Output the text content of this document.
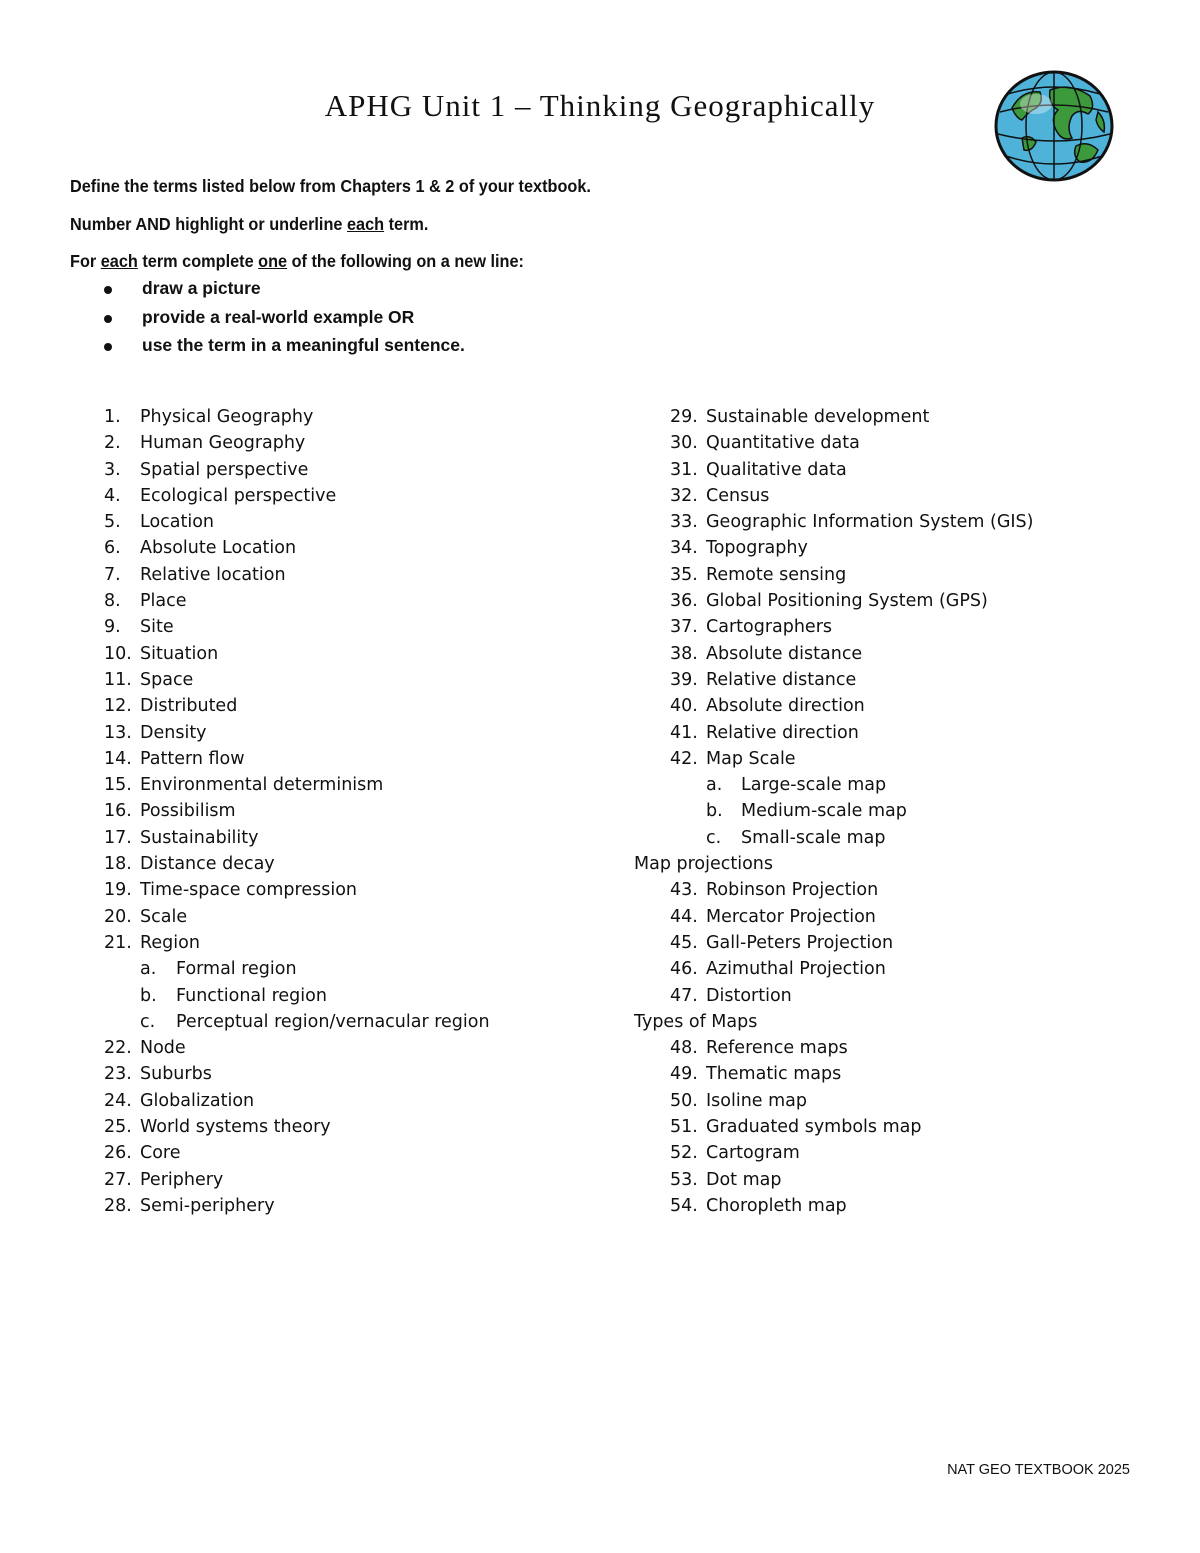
APHG Unit 1 – Thinking Geographically
Define the terms listed below from Chapters 1 & 2 of your textbook.
Number AND highlight or underline each term.
For each term complete one of the following on a new line:
draw a picture
provide a real-world example OR
use the term in a meaningful sentence.
1. Physical Geography
2. Human Geography
3. Spatial perspective
4. Ecological perspective
5. Location
6. Absolute Location
7. Relative location
8. Place
9. Site
10. Situation
11. Space
12. Distributed
13. Density
14. Pattern flow
15. Environmental determinism
16. Possibilism
17. Sustainability
18. Distance decay
19. Time-space compression
20. Scale
21. Region
a. Formal region
b. Functional region
c. Perceptual region/vernacular region
22. Node
23. Suburbs
24. Globalization
25. World systems theory
26. Core
27. Periphery
28. Semi-periphery
29. Sustainable development
30. Quantitative data
31. Qualitative data
32. Census
33. Geographic Information System (GIS)
34. Topography
35. Remote sensing
36. Global Positioning System (GPS)
37. Cartographers
38. Absolute distance
39. Relative distance
40. Absolute direction
41. Relative direction
42. Map Scale
a. Large-scale map
b. Medium-scale map
c. Small-scale map
Map projections
43. Robinson Projection
44. Mercator Projection
45. Gall-Peters Projection
46. Azimuthal Projection
47. Distortion
Types of Maps
48. Reference maps
49. Thematic maps
50. Isoline map
51. Graduated symbols map
52. Cartogram
53. Dot map
54. Choropleth map
NAT GEO TEXTBOOK 2025
